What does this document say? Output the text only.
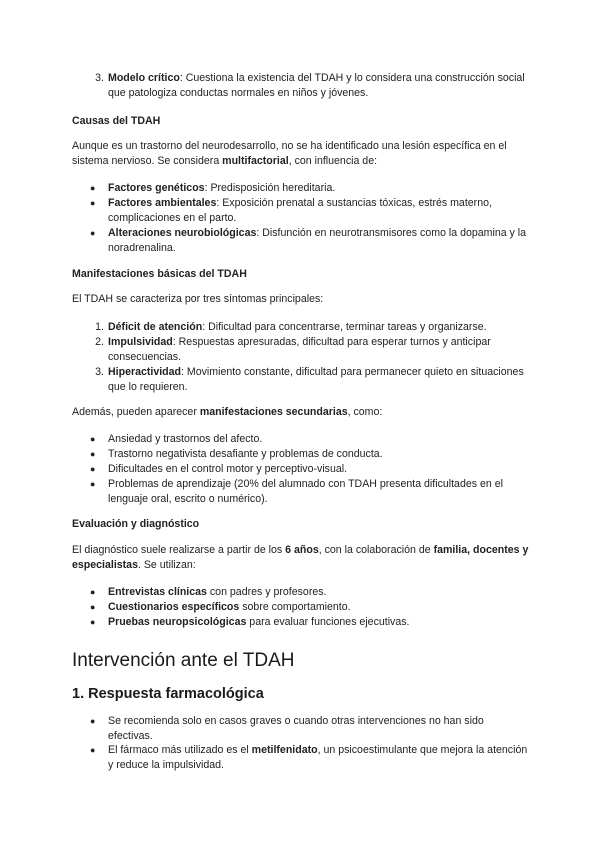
3. Modelo crítico: Cuestiona la existencia del TDAH y lo considera una construcción social que patologiza conductas normales en niños y jóvenes.

Causas del TDAH

Aunque es un trastorno del neurodesarrollo, no se ha identificado una lesión específica en el sistema nervioso. Se considera multifactorial, con influencia de:

●	Factores genéticos: Predisposición hereditaria.

●	Factores ambientales: Exposición prenatal a sustancias tóxicas, estrés materno, complicaciones en el parto.

●	Alteraciones neurobiológicas: Disfunción en neurotransmisores como la dopamina y la noradrenalina.

Manifestaciones básicas del TDAH

El TDAH se caracteriza por tres síntomas principales:

1. Déficit de atención: Dificultad para concentrarse, terminar tareas y organizarse.

2. Impulsividad: Respuestas apresuradas, dificultad para esperar turnos y anticipar consecuencias.

3. Hiperactividad: Movimiento constante, dificultad para permanecer quieto en situaciones que lo requieren.

Además, pueden aparecer manifestaciones secundarias, como:

●	Ansiedad y trastornos del afecto.

●	Trastorno negativista desafiante y problemas de conducta.

●	Dificultades en el control motor y perceptivo-visual.

●	Problemas de aprendizaje (20% del alumnado con TDAH presenta dificultades en el lenguaje oral, escrito o numérico).

Evaluación y diagnóstico

El diagnóstico suele realizarse a partir de los 6 años, con la colaboración de familia, docentes y especialistas. Se utilizan:

●	Entrevistas clínicas con padres y profesores.

●	Cuestionarios específicos sobre comportamiento.

●	Pruebas neuropsicológicas para evaluar funciones ejecutivas.

Intervención ante el TDAH
1. Respuesta farmacológica

●	Se recomienda solo en casos graves o cuando otras intervenciones no han sido efectivas.

●	El fármaco más utilizado es el metilfenidato, un psicoestimulante que mejora la atención y reduce la impulsividad.
